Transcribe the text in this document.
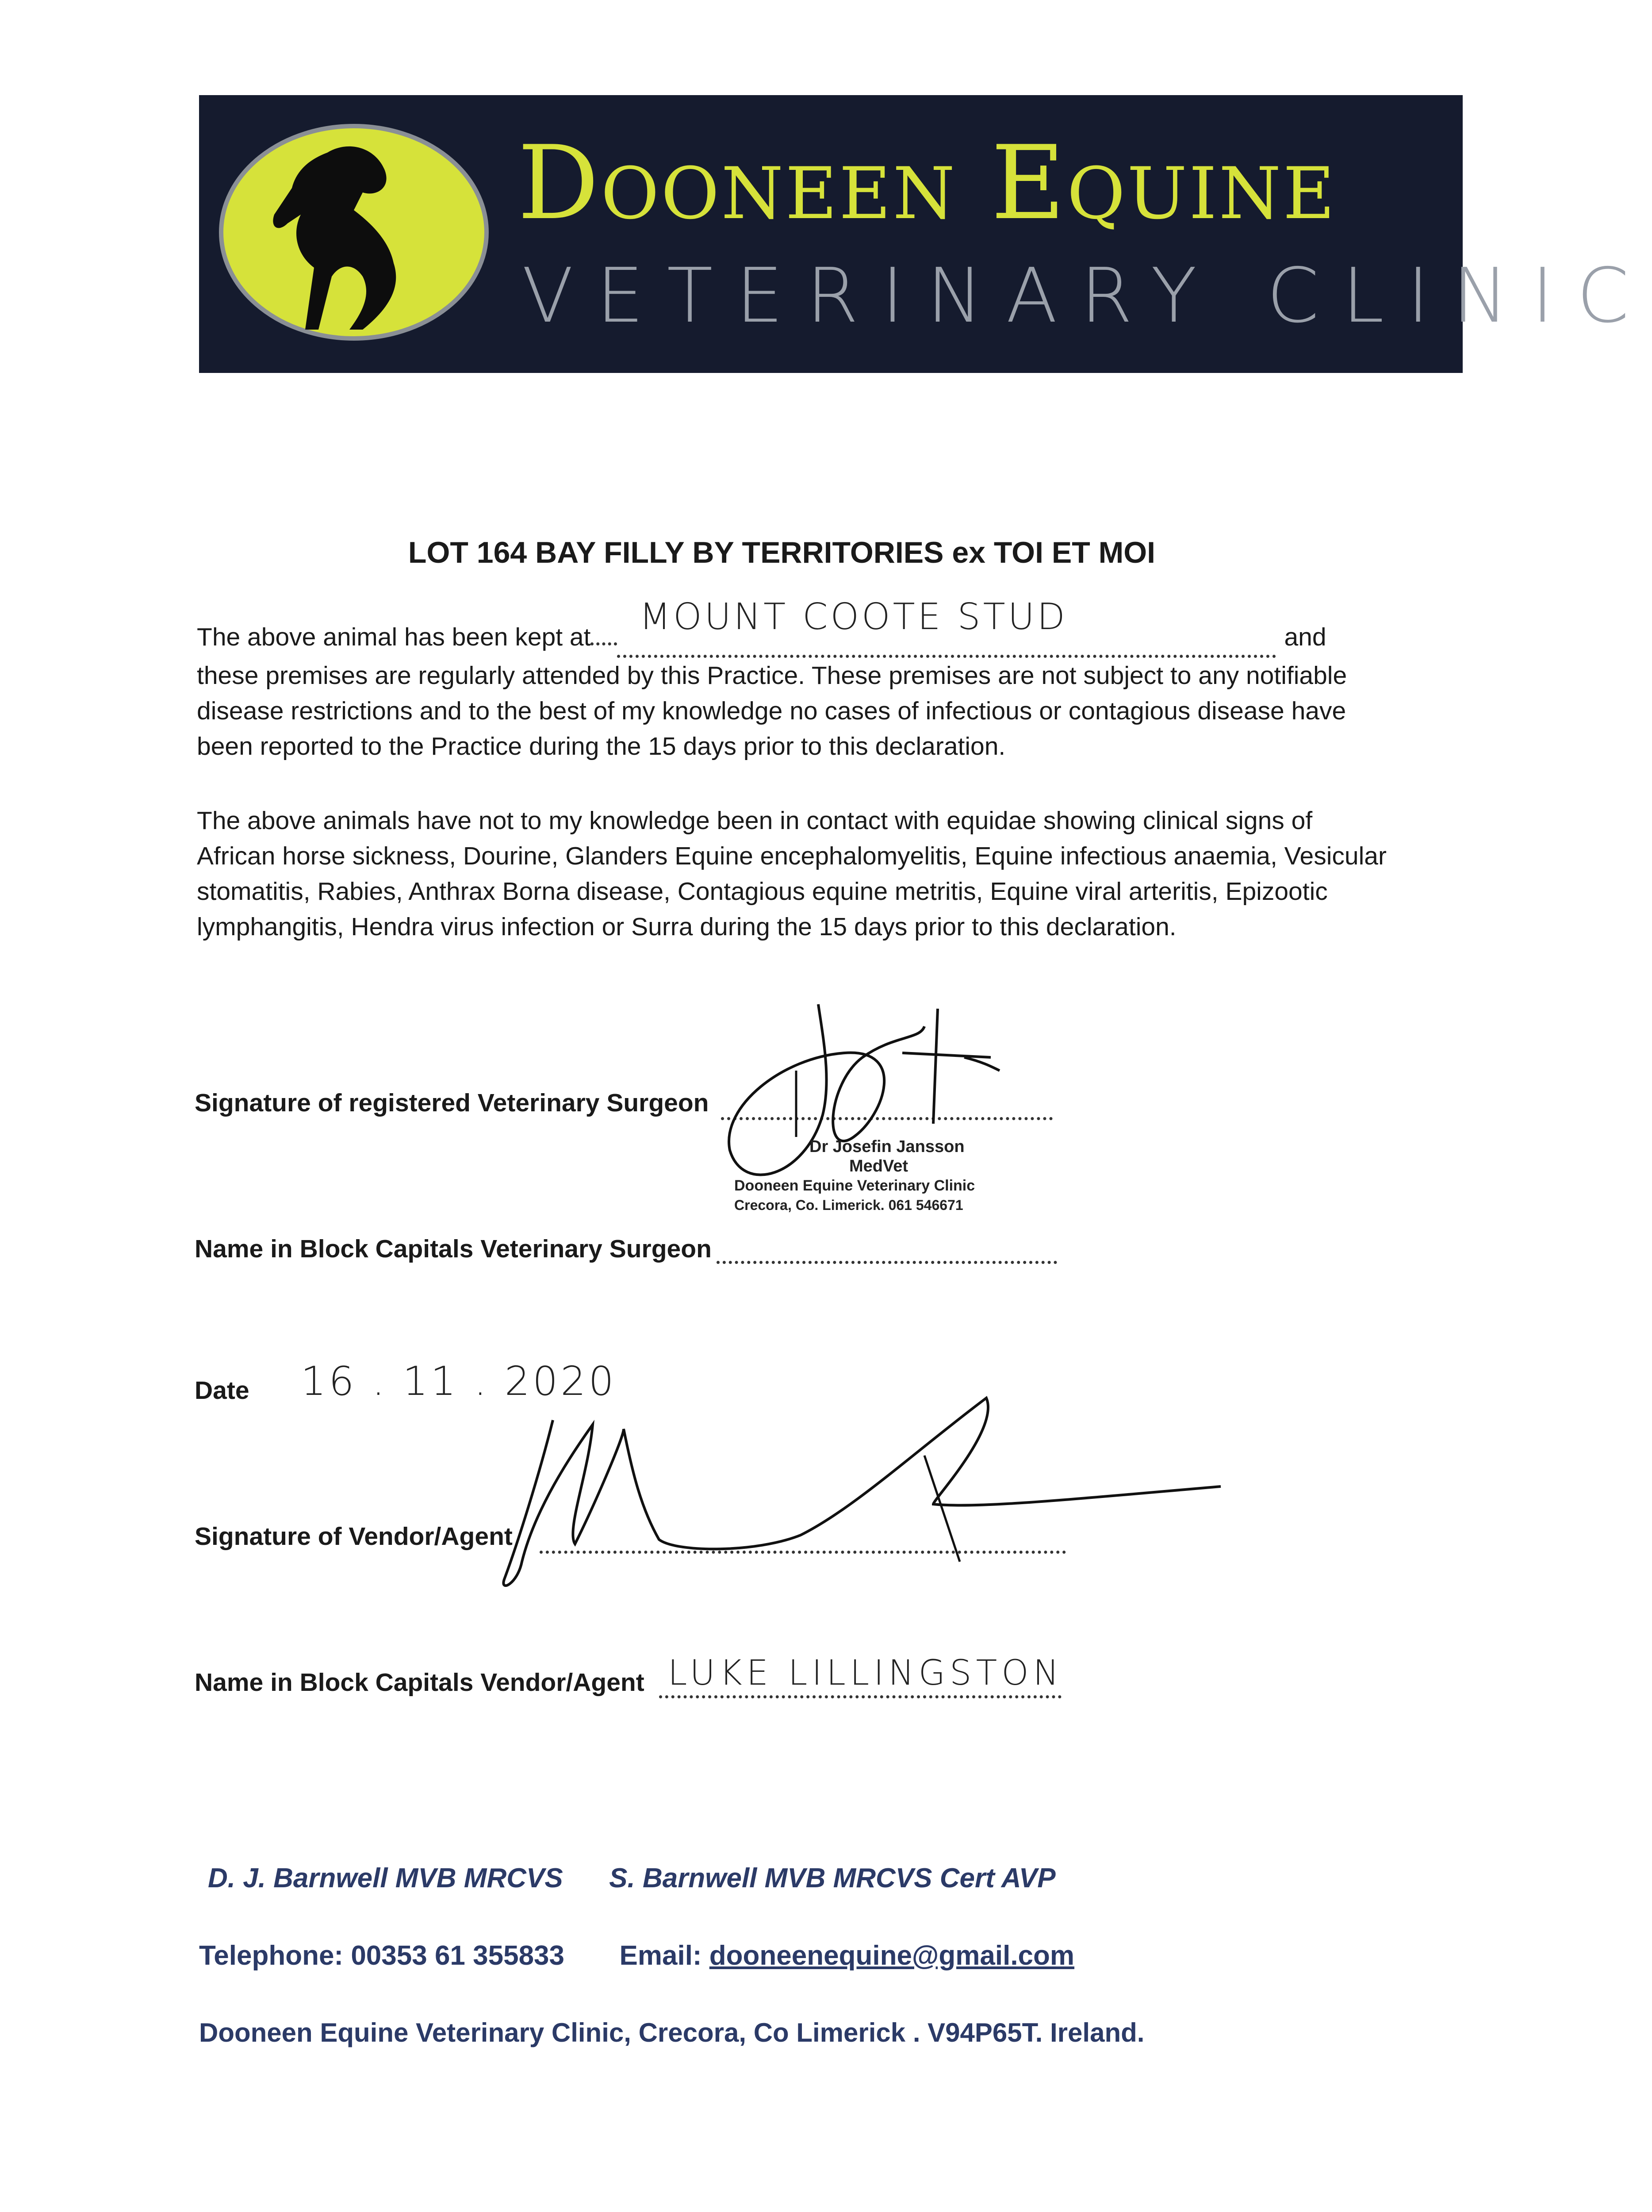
Dooneen Equine
VETERINARY CLINIC
LOT 164 BAY FILLY BY TERRITORIES ex TOI ET MOI
The above animal has been kept at MOUNT COOTE STUD	and
these premises are regularly attended by this Practice. These premises are not subject to any notifiable disease restrictions and to the best of my knowledge no cases of infectious or contagious disease have been reported to the Practice during the 15 days prior to this declaration.
The above animals have not to my knowledge been in contact with equidae showing clinical signs of African horse sickness, Dourine, Glanders Equine encephalomyelitis, Equine infectious anaemia, Vesicular stomatitis, Rabies, Anthrax Borna disease, Contagious equine metritis, Equine viral arteritis, Epizootic lymphangitis, Hendra virus infection or Surra during the 15 days prior to this declaration.
Signature of registered Veterinary Surgeon
Dr Josefin Jansson
MedVet
Dooneen Equine Veterinary Clinic
Crecora, Co. Limerick. 061 546671
Name in Block Capitals Veterinary Surgeon
Date 16 . 11 . 2020
Signature of Vendor/Agent
Name in Block Capitals Vendor/Agent LUKE LILLINGSTON
D. J. Barnwell MVB MRCVS S. Barnwell MVB MRCVS Cert AVP
Telephone: 00353 61 355833 Email: dooneenequine@gmail.com
Dooneen Equine Veterinary Clinic, Crecora, Co Limerick . V94P65T. Ireland.
